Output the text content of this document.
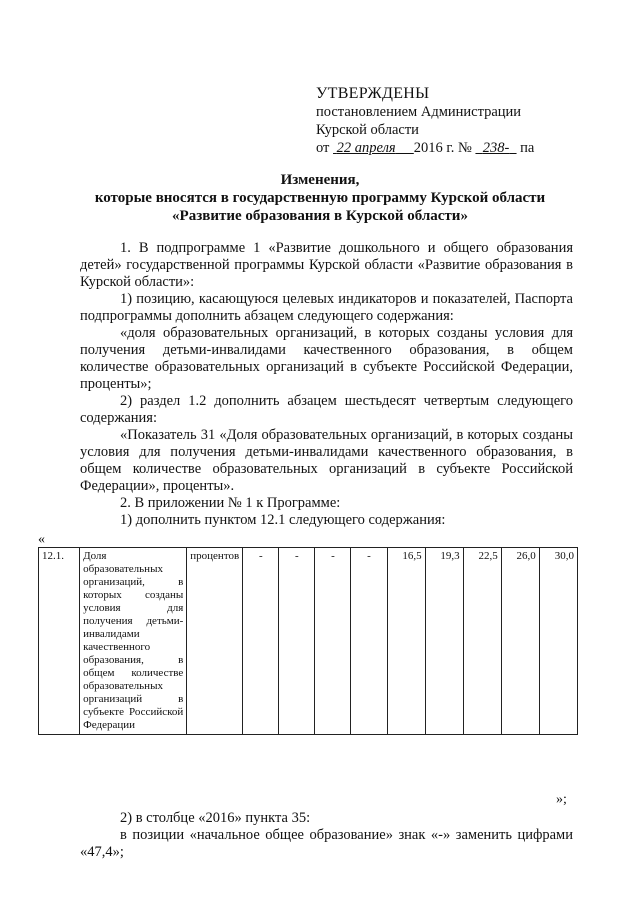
УТВЕРЖДЕНЫ
постановлением Администрации
Курской области
от 22 апреля 2016 г. № 238- па
Изменения,
которые вносятся в государственную программу Курской области
«Развитие образования в Курской области»

1. В подпрограмме 1 «Развитие дошкольного и общего образования детей» государственной программы Курской области «Развитие образования в Курской области»:

1) позицию, касающуюся целевых индикаторов и показателей, Паспорта подпрограммы дополнить абзацем следующего содержания:

«доля образовательных организаций, в которых созданы условия для получения детьми-инвалидами качественного образования, в общем количестве образовательных организаций в субъекте Российской Федерации, проценты»;

2) раздел 1.2 дополнить абзацем шестьдесят четвертым следующего содержания:

«Показатель 31 «Доля образовательных организаций, в которых созданы условия для получения детьми-инвалидами качественного образования, в общем количестве образовательных организаций в субъекте Российской Федерации», проценты».

2. В приложении № 1 к Программе:

1) дополнить пунктом 12.1 следующего содержания:

«
12.1.	Доля образовательных организаций, в которых созданы условия для получения детьми-инвалидами качественного образования, в общем количестве образовательных организаций в субъекте Российской Федерации	процентов	-	-	-	-	16,5	19,3	22,5	26,0	30,0
»;

2) в столбце «2016» пункта 35:

в позиции «начальное общее образование» знак «-» заменить цифрами «47,4»;
